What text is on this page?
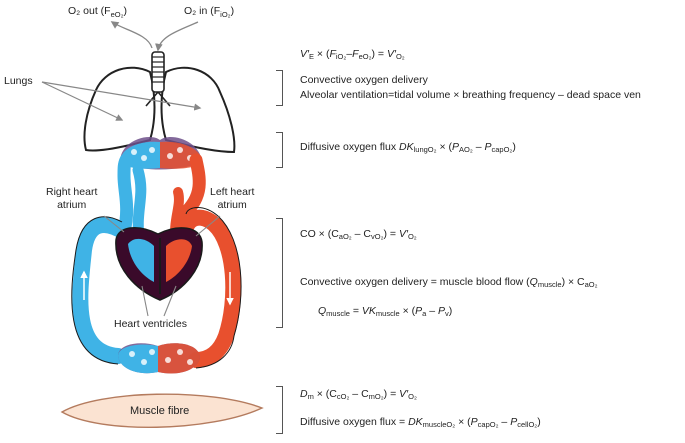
O₂ out $(F_{eO_2})$	O₂ in $(F_{iO_2})$
Lungs
Right heart
atrium
Left heart
atrium
Heart ventricles
Muscle fibre
$V'_E \times (F_{iO_2}-F_{eO_2}) = V'_{O_2}$
Convective oxygen delivery
Alveolar ventilation=tidal volume × breathing frequency – dead space ven
Diffusive oxygen flux $DK_{lungO_2} \times (P_{AO_2} - P_{capO_2})$
CO × $(C_{aO_2} - C_{vO_2}) = V'_{O_2}$
Convective oxygen delivery = muscle blood flow $(Q_{muscle}) \times C_{aO_2}$
$Q_{muscle} = VK_{muscle} \times (P_a - P_v)$
$D_m \times (C_{cO_2} - C_{mO_2}) = V'_{O_2}$
Diffusive oxygen flux = $DK_{muscleO_2} \times (P_{capO_2} - P_{cellO_2})$
